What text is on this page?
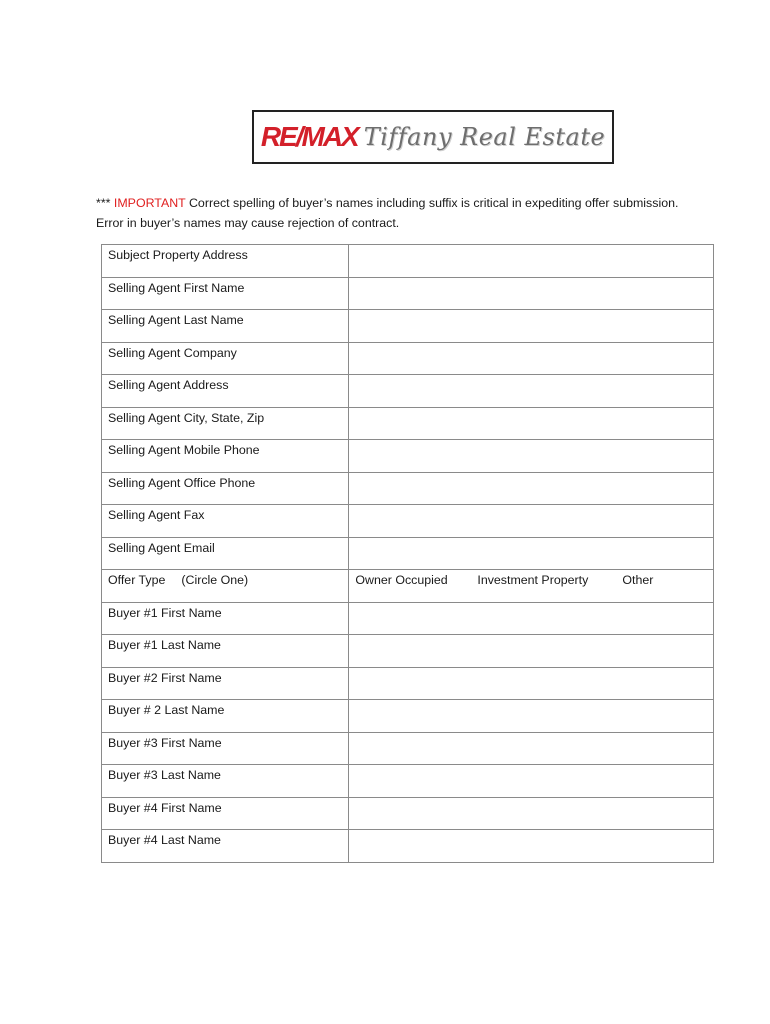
RE/MAX Tiffany Real Estate
*** IMPORTANT Correct spelling of buyer’s names including suffix is critical in expediting offer submission.
Error in buyer’s names may cause rejection of contract.
Subject Property Address	
Selling Agent First Name	
Selling Agent Last Name	
Selling Agent Company	
Selling Agent Address	
Selling Agent City, State, Zip	
Selling Agent Mobile Phone	
Selling Agent Office Phone	
Selling Agent Fax	
Selling Agent Email	
Offer Type (Circle One)	Owner Occupied Investment Property Other

Buyer #1 First Name	
Buyer #1 Last Name	
Buyer #2 First Name	
Buyer # 2 Last Name	
Buyer #3 First Name	
Buyer #3 Last Name	
Buyer #4 First Name	
Buyer #4 Last Name	
